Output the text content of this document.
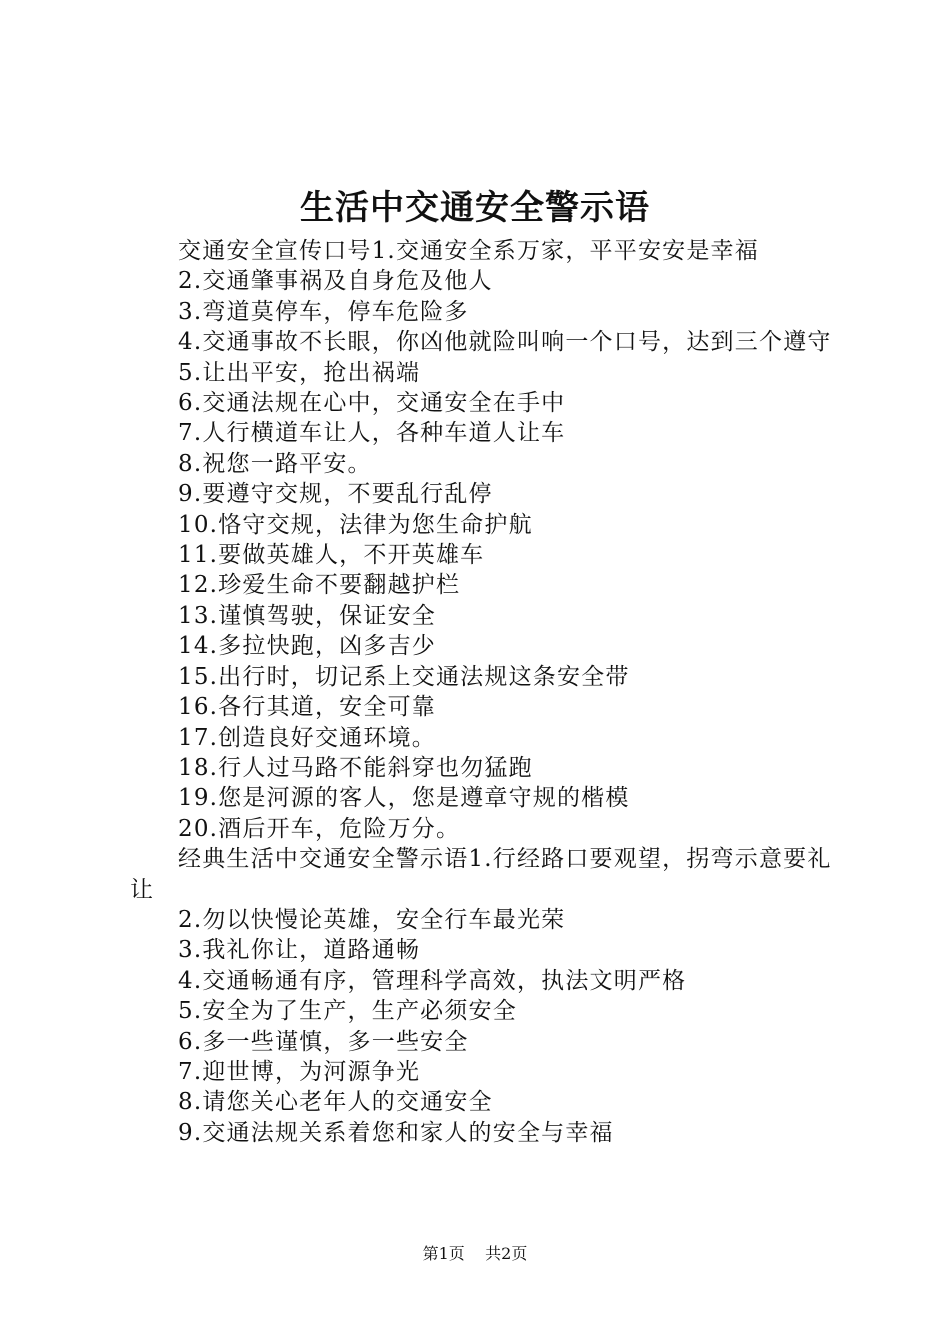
生活中交通安全警示语

交通安全宣传口号1.交通安全系万家，平平安安是幸福

2.交通肇事祸及自身危及他人

3.弯道莫停车，停车危险多

4.交通事故不长眼，你凶他就险叫响一个口号，达到三个遵守

5.让出平安，抢出祸端

6.交通法规在心中，交通安全在手中

7.人行横道车让人，各种车道人让车

8.祝您一路平安。

9.要遵守交规，不要乱行乱停

10.恪守交规，法律为您生命护航

11.要做英雄人，不开英雄车

12.珍爱生命不要翻越护栏

13.谨慎驾驶，保证安全

14.多拉快跑，凶多吉少

15.出行时，切记系上交通法规这条安全带

16.各行其道，安全可靠

17.创造良好交通环境。

18.行人过马路不能斜穿也勿猛跑

19.您是河源的客人，您是遵章守规的楷模

20.酒后开车，危险万分。

经典生活中交通安全警示语1.行经路口要观望，拐弯示意要礼让

2.勿以快慢论英雄，安全行车最光荣

3.我礼你让，道路通畅

4.交通畅通有序，管理科学高效，执法文明严格

5.安全为了生产，生产必须安全

6.多一些谨慎，多一些安全

7.迎世博，为河源争光

8.请您关心老年人的交通安全

9.交通法规关系着您和家人的安全与幸福

第1页 共2页
